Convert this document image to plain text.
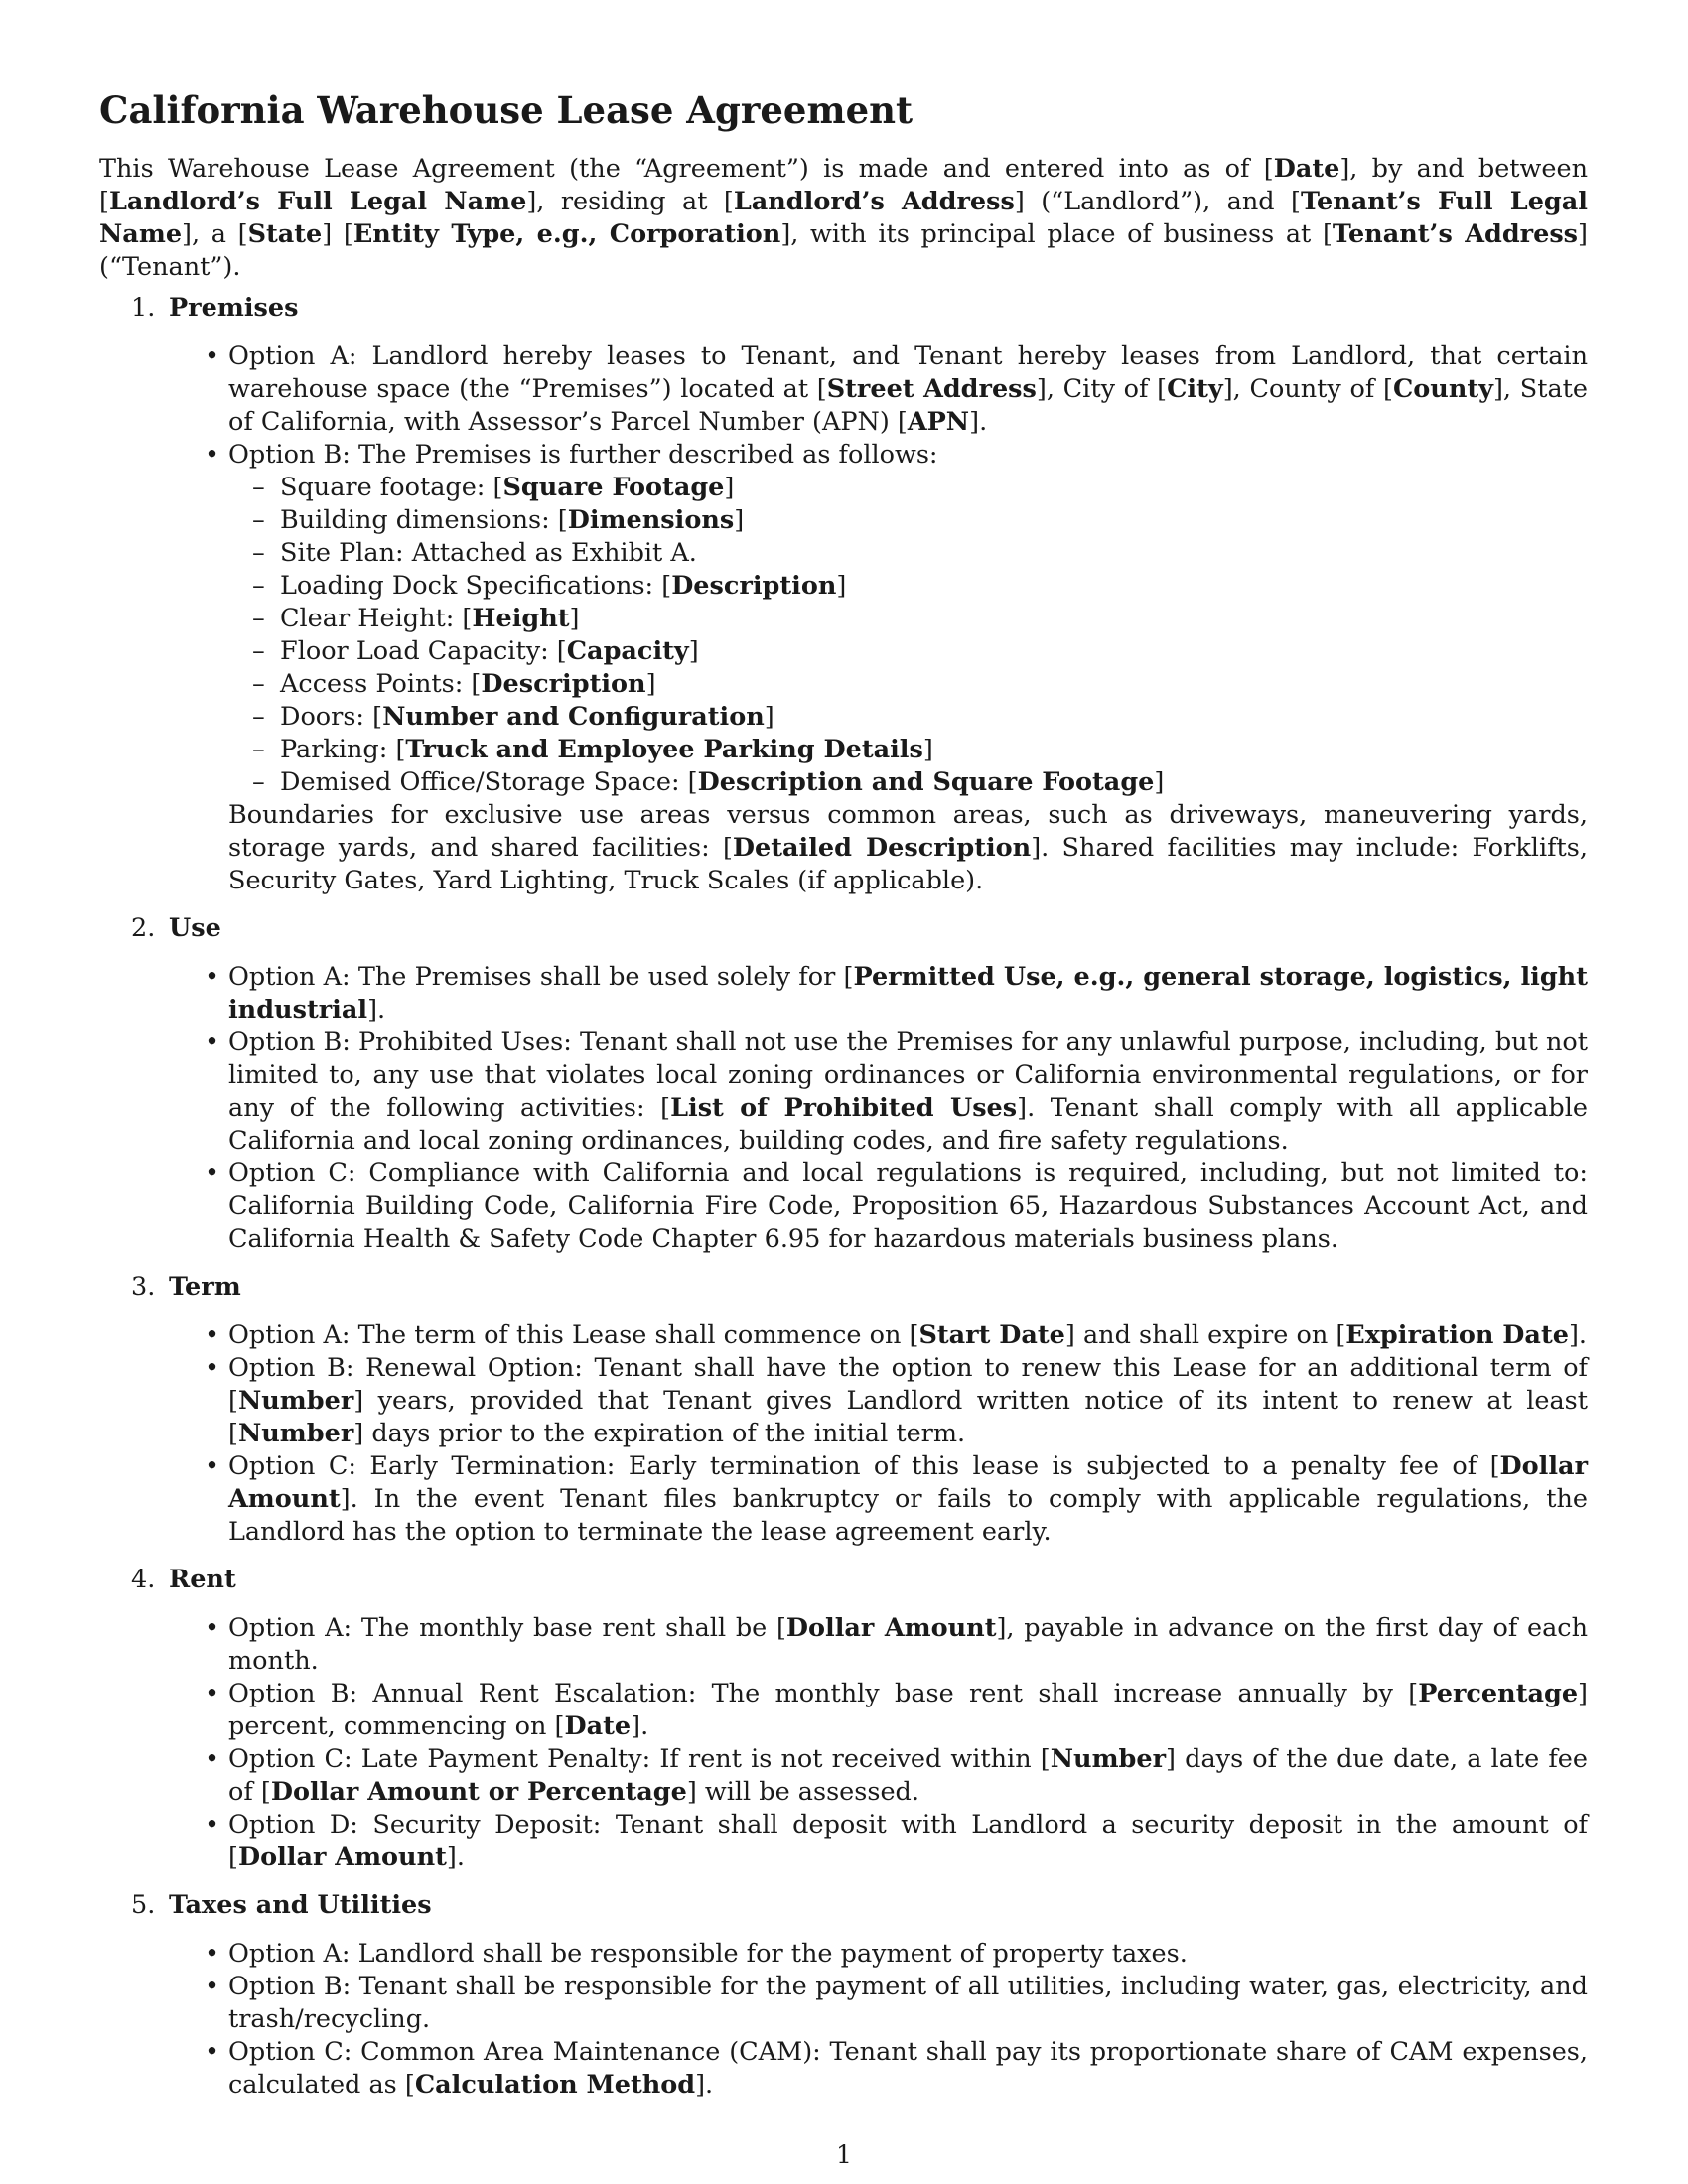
California Warehouse Lease Agreement

This Warehouse Lease Agreement (the “Agreement”) is made and entered into as of [Date], by and between [Landlord’s Full Legal Name], residing at [Landlord’s Address] (“Landlord”), and [Tenant’s Full Legal Name], a [State] [Entity Type, e.g., Corporation], with its principal place of business at [Tenant’s Address] (“Tenant”).

1. Premises
• Option A: Landlord hereby leases to Tenant, and Tenant hereby leases from Landlord, that certain warehouse space (the “Premises”) located at [Street Address], City of [City], County of [County], State of California, with Assessor’s Parcel Number (APN) [APN].
• Option B: The Premises is further described as follows:
– Square footage: [Square Footage]
– Building dimensions: [Dimensions]
– Site Plan: Attached as Exhibit A.
– Loading Dock Specifications: [Description]
– Clear Height: [Height]
– Floor Load Capacity: [Capacity]
– Access Points: [Description]
– Doors: [Number and Configuration]
– Parking: [Truck and Employee Parking Details]
– Demised Office/Storage Space: [Description and Square Footage]
Boundaries for exclusive use areas versus common areas, such as driveways, maneuvering yards, storage yards, and shared facilities: [Detailed Description]. Shared facilities may include: Forklifts, Security Gates, Yard Lighting, Truck Scales (if applicable).
2. Use
• Option A: The Premises shall be used solely for [Permitted Use, e.g., general storage, logistics, light industrial].
• Option B: Prohibited Uses: Tenant shall not use the Premises for any unlawful purpose, including, but not limited to, any use that violates local zoning ordinances or California environmental regulations, or for any of the following activities: [List of Prohibited Uses]. Tenant shall comply with all applicable California and local zoning ordinances, building codes, and fire safety regulations.
• Option C: Compliance with California and local regulations is required, including, but not limited to: California Building Code, California Fire Code, Proposition 65, Hazardous Substances Account Act, and California Health & Safety Code Chapter 6.95 for hazardous materials business plans.
3. Term
• Option A: The term of this Lease shall commence on [Start Date] and shall expire on [Expiration Date].
• Option B: Renewal Option: Tenant shall have the option to renew this Lease for an additional term of [Number] years, provided that Tenant gives Landlord written notice of its intent to renew at least [Number] days prior to the expiration of the initial term.
• Option C: Early Termination: Early termination of this lease is subjected to a penalty fee of [Dollar Amount]. In the event Tenant files bankruptcy or fails to comply with applicable regulations, the Landlord has the option to terminate the lease agreement early.
4. Rent
• Option A: The monthly base rent shall be [Dollar Amount], payable in advance on the first day of each month.
• Option B: Annual Rent Escalation: The monthly base rent shall increase annually by [Percentage] percent, commencing on [Date].
• Option C: Late Payment Penalty: If rent is not received within [Number] days of the due date, a late fee of [Dollar Amount or Percentage] will be assessed.
• Option D: Security Deposit: Tenant shall deposit with Landlord a security deposit in the amount of [Dollar Amount].
5. Taxes and Utilities
• Option A: Landlord shall be responsible for the payment of property taxes.
• Option B: Tenant shall be responsible for the payment of all utilities, including water, gas, electricity, and trash/recycling.
• Option C: Common Area Maintenance (CAM): Tenant shall pay its proportionate share of CAM expenses, calculated as [Calculation Method].
1
